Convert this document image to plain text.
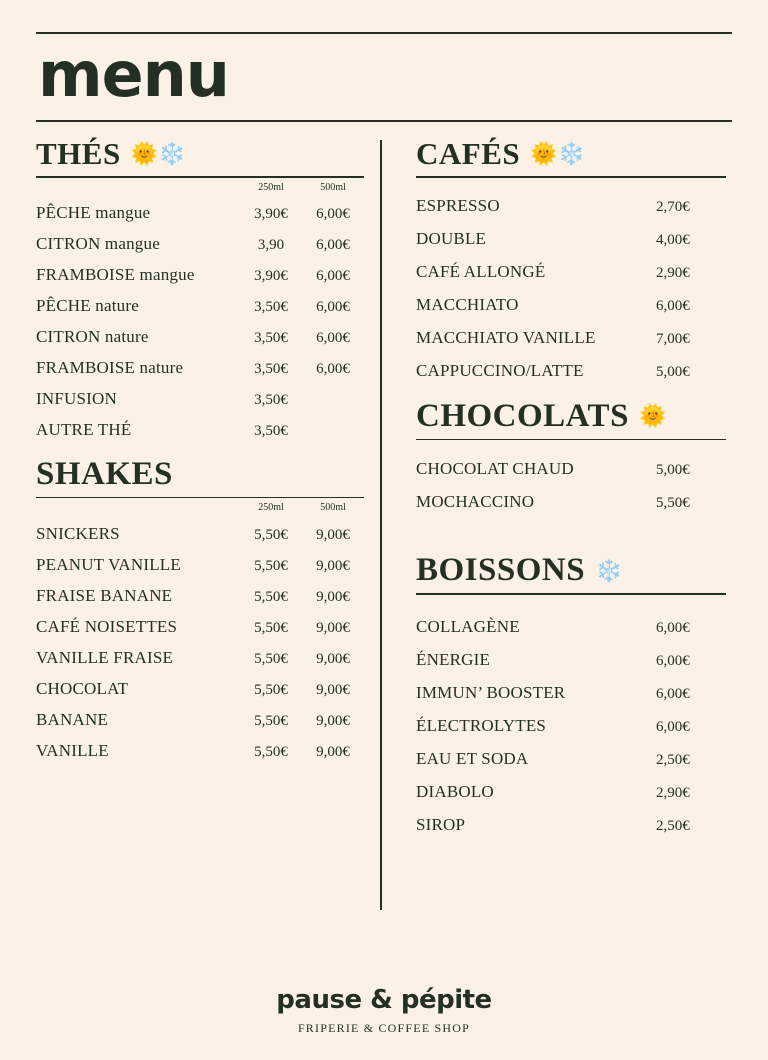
menu
THÉS 🌞❄️
250ml	500ml
PÊCHE mangue	3,90€	6,00€
CITRON mangue	3,90	6,00€
FRAMBOISE mangue	3,90€	6,00€
PÊCHE nature	3,50€	6,00€
CITRON nature	3,50€	6,00€
FRAMBOISE nature	3,50€	6,00€
INFUSION	3,50€
AUTRE THÉ	3,50€
SHAKES
250ml	500ml
SNICKERS	5,50€	9,00€
PEANUT VANILLE	5,50€	9,00€
FRAISE BANANE	5,50€	9,00€
CAFÉ NOISETTES	5,50€	9,00€
VANILLE FRAISE	5,50€	9,00€
CHOCOLAT	5,50€	9,00€
BANANE	5,50€	9,00€
VANILLE	5,50€	9,00€
CAFÉS 🌞❄️
ESPRESSO	2,70€
DOUBLE	4,00€
CAFÉ ALLONGÉ	2,90€
MACCHIATO	6,00€
MACCHIATO VANILLE	7,00€
CAPPUCCINO/LATTE	5,00€
CHOCOLATS 🌞
CHOCOLAT CHAUD	5,00€
MOCHACCINO	5,50€
BOISSONS ❄️
COLLAGÈNE	6,00€
ÉNERGIE	6,00€
IMMUN’ BOOSTER	6,00€
ÉLECTROLYTES	6,00€
EAU ET SODA	2,50€
DIABOLO	2,90€
SIROP	2,50€
pause & pépite
FRIPERIE & COFFEE SHOP
